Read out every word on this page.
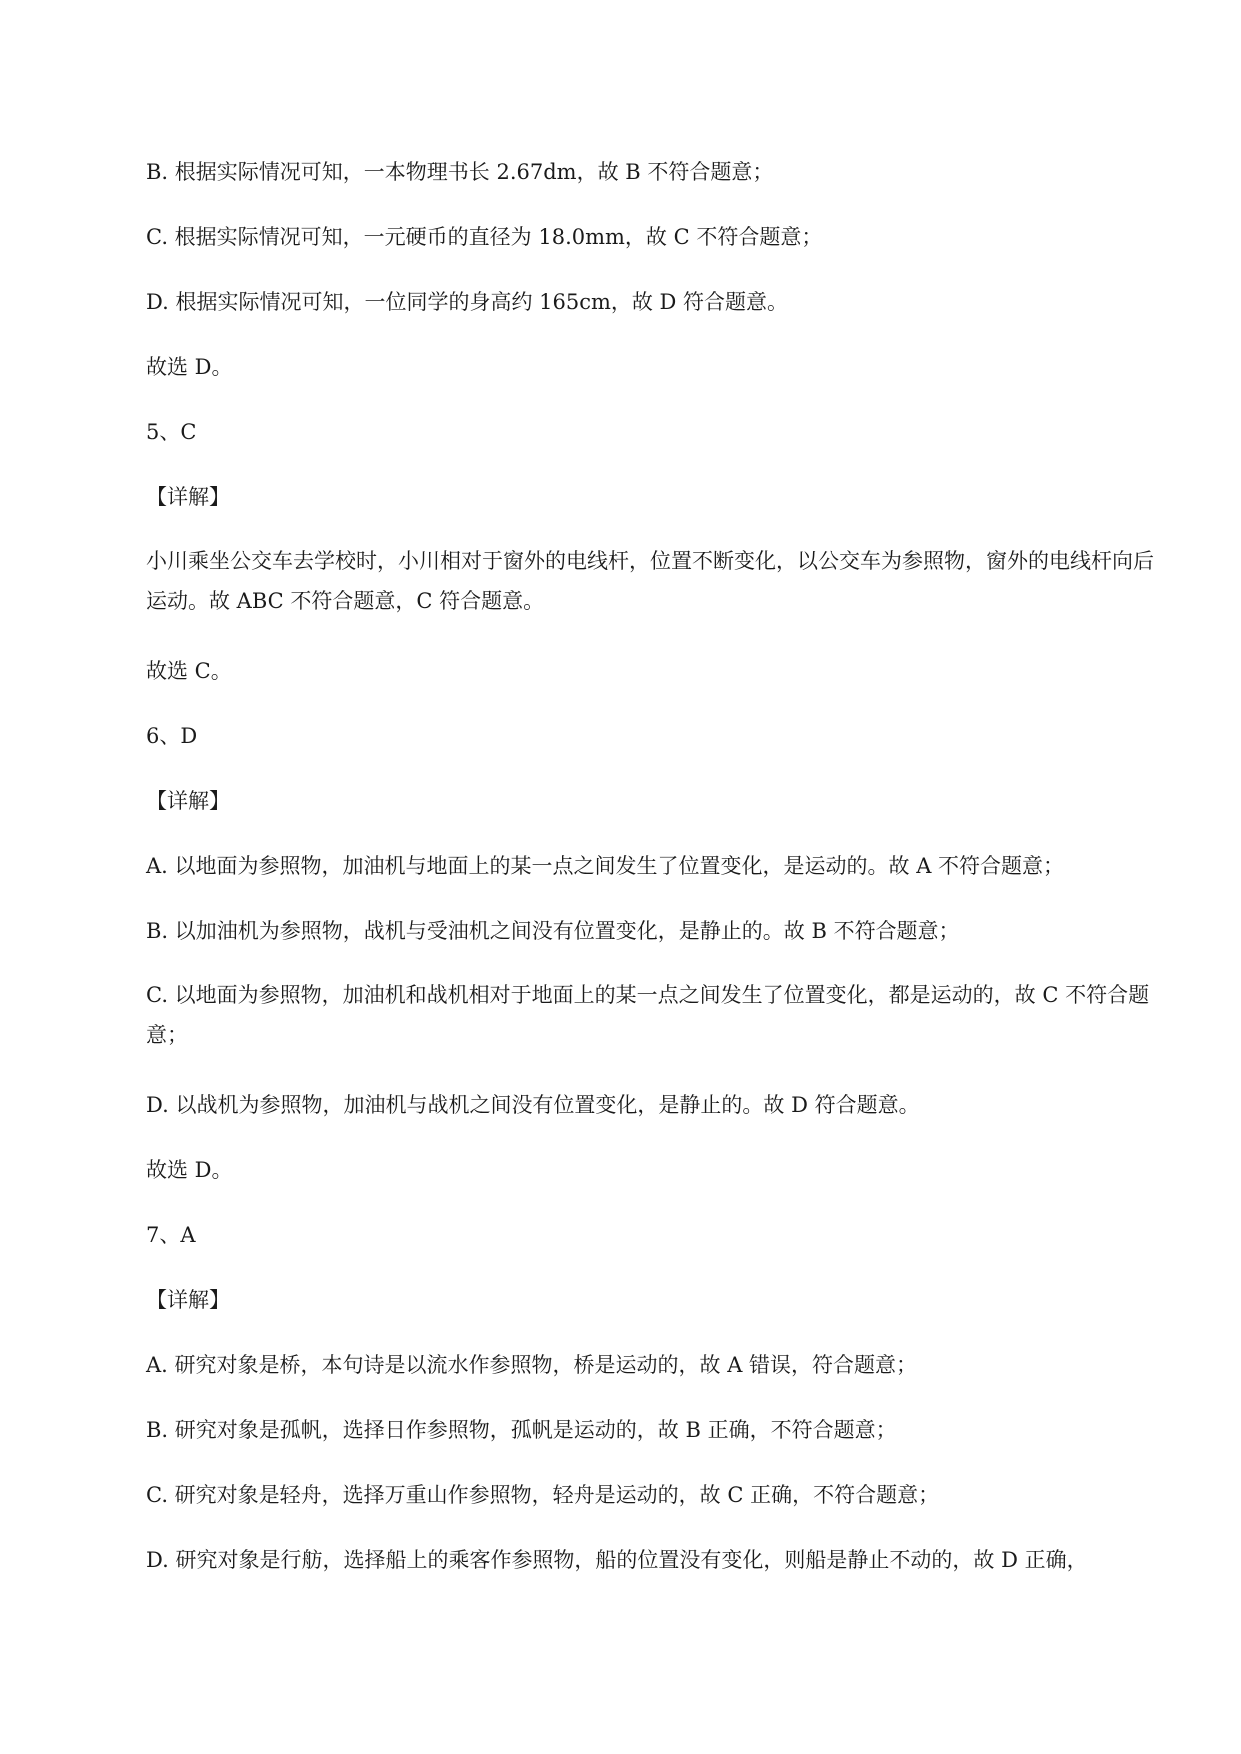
B. 根据实际情况可知，一本物理书长 2.67dm，故 B 不符合题意；
C. 根据实际情况可知，一元硬币的直径为 18.0mm，故 C 不符合题意；
D. 根据实际情况可知，一位同学的身高约 165cm，故 D 符合题意。
故选 D。
5、C
【详解】
小川乘坐公交车去学校时，小川相对于窗外的电线杆，位置不断变化，以公交车为参照物，窗外的电线杆向后运动。故 ABC 不符合题意，C 符合题意。
故选 C。
6、D
【详解】
A. 以地面为参照物，加油机与地面上的某一点之间发生了位置变化，是运动的。故 A 不符合题意；
B. 以加油机为参照物，战机与受油机之间没有位置变化，是静止的。故 B 不符合题意；
C. 以地面为参照物，加油机和战机相对于地面上的某一点之间发生了位置变化，都是运动的，故 C 不符合题意；
D. 以战机为参照物，加油机与战机之间没有位置变化，是静止的。故 D 符合题意。
故选 D。
7、A
【详解】
A. 研究对象是桥，本句诗是以流水作参照物，桥是运动的，故 A 错误，符合题意；
B. 研究对象是孤帆，选择日作参照物，孤帆是运动的，故 B 正确，不符合题意；
C. 研究对象是轻舟，选择万重山作参照物，轻舟是运动的，故 C 正确，不符合题意；
D. 研究对象是行舫，选择船上的乘客作参照物，船的位置没有变化，则船是静止不动的，故 D 正确，
